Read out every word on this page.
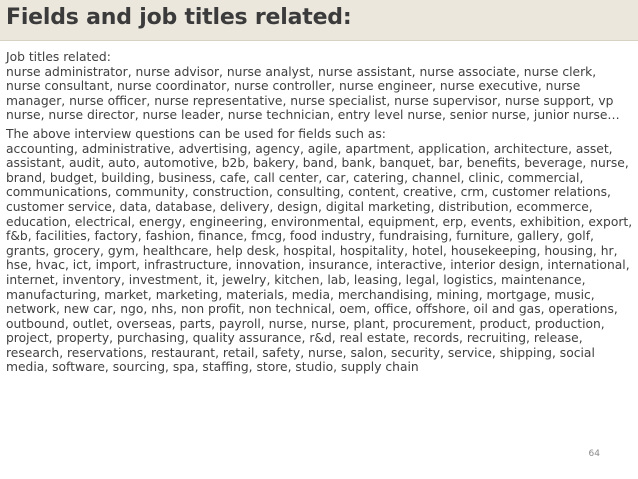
Fields and job titles related:

Job titles related:

nurse administrator, nurse advisor, nurse analyst, nurse assistant, nurse associate, nurse clerk, nurse consultant, nurse coordinator, nurse controller, nurse engineer, nurse executive, nurse manager, nurse officer, nurse representative, nurse specialist, nurse supervisor, nurse support, vp nurse, nurse director, nurse leader, nurse technician, entry level nurse, senior nurse, junior nurse…

The above interview questions can be used for fields such as:

accounting, administrative, advertising, agency, agile, apartment, application, architecture, asset, assistant, audit, auto, automotive, b2b, bakery, band, bank, banquet, bar, benefits, beverage, nurse, brand, budget, building, business, cafe, call center, car, catering, channel, clinic, commercial, communications, community, construction, consulting, content, creative, crm, customer relations, customer service, data, database, delivery, design, digital marketing, distribution, ecommerce, education, electrical, energy, engineering, environmental, equipment, erp, events, exhibition, export, f&b, facilities, factory, fashion, finance, fmcg, food industry, fundraising, furniture, gallery, golf, grants, grocery, gym, healthcare, help desk, hospital, hospitality, hotel, housekeeping, housing, hr, hse, hvac, ict, import, infrastructure, innovation, insurance, interactive, interior design, international, internet, inventory, investment, it, jewelry, kitchen, lab, leasing, legal, logistics, maintenance, manufacturing, market, marketing, materials, media, merchandising, mining, mortgage, music, network, new car, ngo, nhs, non profit, non technical, oem, office, offshore, oil and gas, operations, outbound, outlet, overseas, parts, payroll, nurse, nurse, plant, procurement, product, production, project, property, purchasing, quality assurance, r&d, real estate, records, recruiting, release, research, reservations, restaurant, retail, safety, nurse, salon, security, service, shipping, social media, software, sourcing, spa, staffing, store, studio, supply chain

64
